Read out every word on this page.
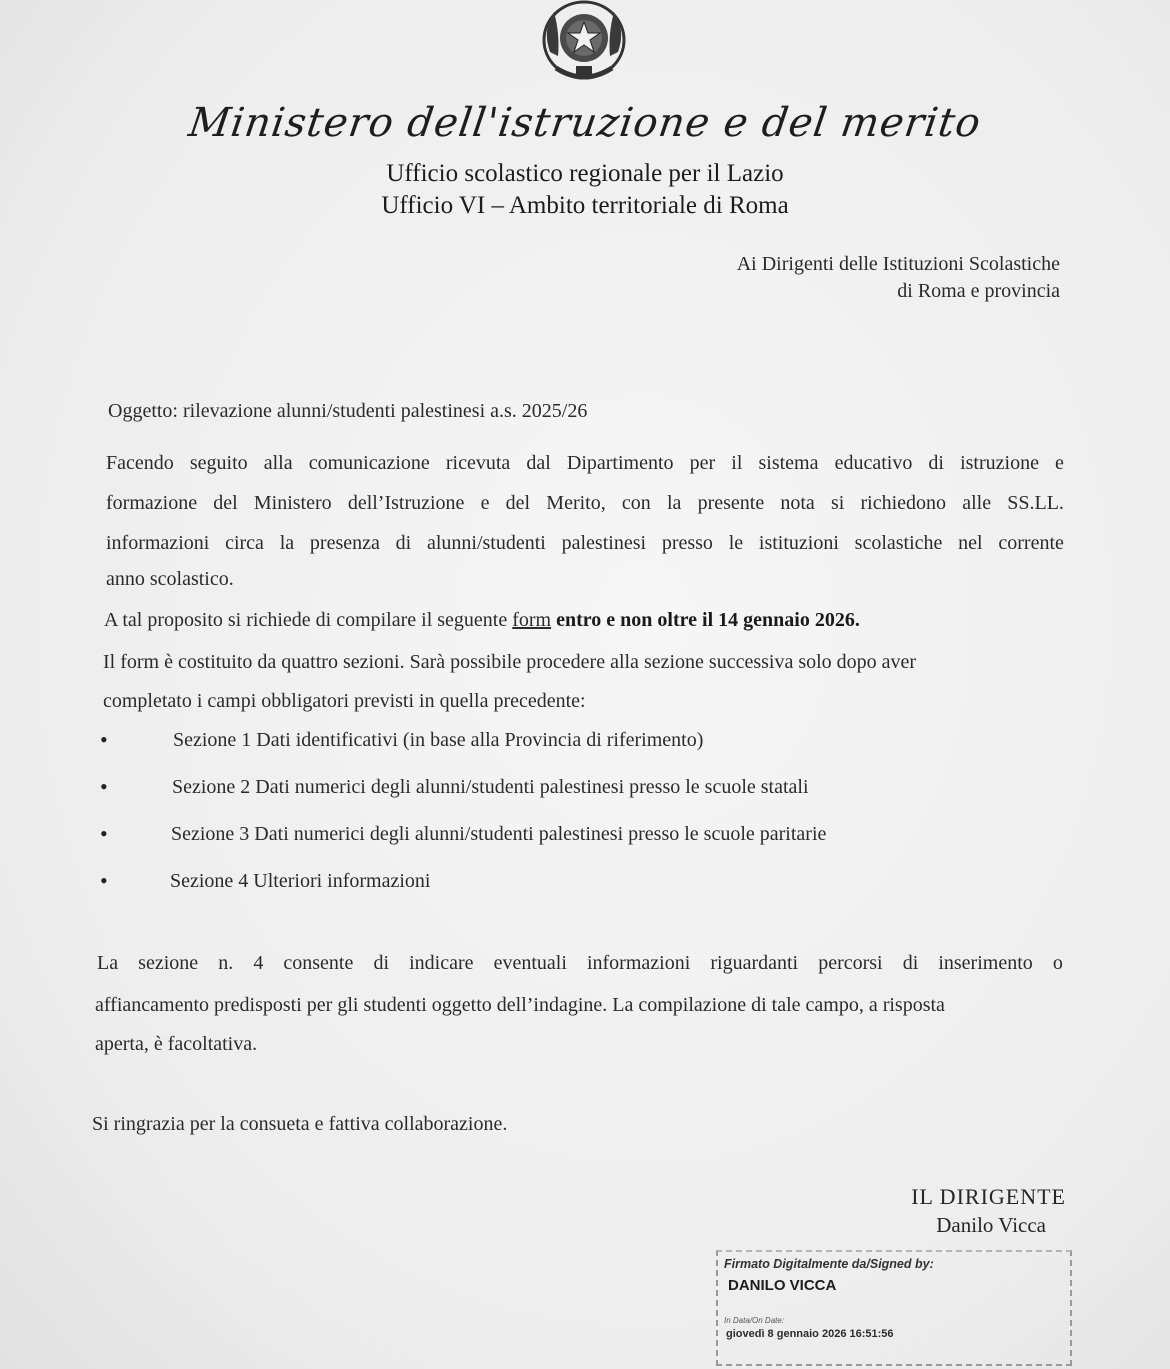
Ministero dell'istruzione e del merito
Ufficio scolastico regionale per il Lazio
Ufficio VI – Ambito territoriale di Roma
Ai Dirigenti delle Istituzioni Scolastiche
di Roma e provincia
Oggetto: rilevazione alunni/studenti palestinesi a.s. 2025/26
Facendo seguito alla comunicazione ricevuta dal Dipartimento per il sistema educativo di istruzione e
formazione del Ministero dell’Istruzione e del Merito, con la presente nota si richiedono alle SS.LL.
informazioni circa la presenza di alunni/studenti palestinesi presso le istituzioni scolastiche nel corrente
anno scolastico.
A tal proposito si richiede di compilare il seguente form entro e non oltre il 14 gennaio 2026.
Il form è costituito da quattro sezioni. Sarà possibile procedere alla sezione successiva solo dopo aver
completato i campi obbligatori previsti in quella precedente:
•	Sezione 1 Dati identificativi (in base alla Provincia di riferimento)
•	Sezione 2 Dati numerici degli alunni/studenti palestinesi presso le scuole statali
•	Sezione 3 Dati numerici degli alunni/studenti palestinesi presso le scuole paritarie
•	Sezione 4 Ulteriori informazioni
La sezione n. 4 consente di indicare eventuali informazioni riguardanti percorsi di inserimento o
affiancamento predisposti per gli studenti oggetto dell’indagine. La compilazione di tale campo, a risposta
aperta, è facoltativa.
Si ringrazia per la consueta e fattiva collaborazione.
IL DIRIGENTE
Danilo Vicca
Firmato Digitalmente da/Signed by:
DANILO VICCA
In Data/On Date:
giovedì 8 gennaio 2026 16:51:56
